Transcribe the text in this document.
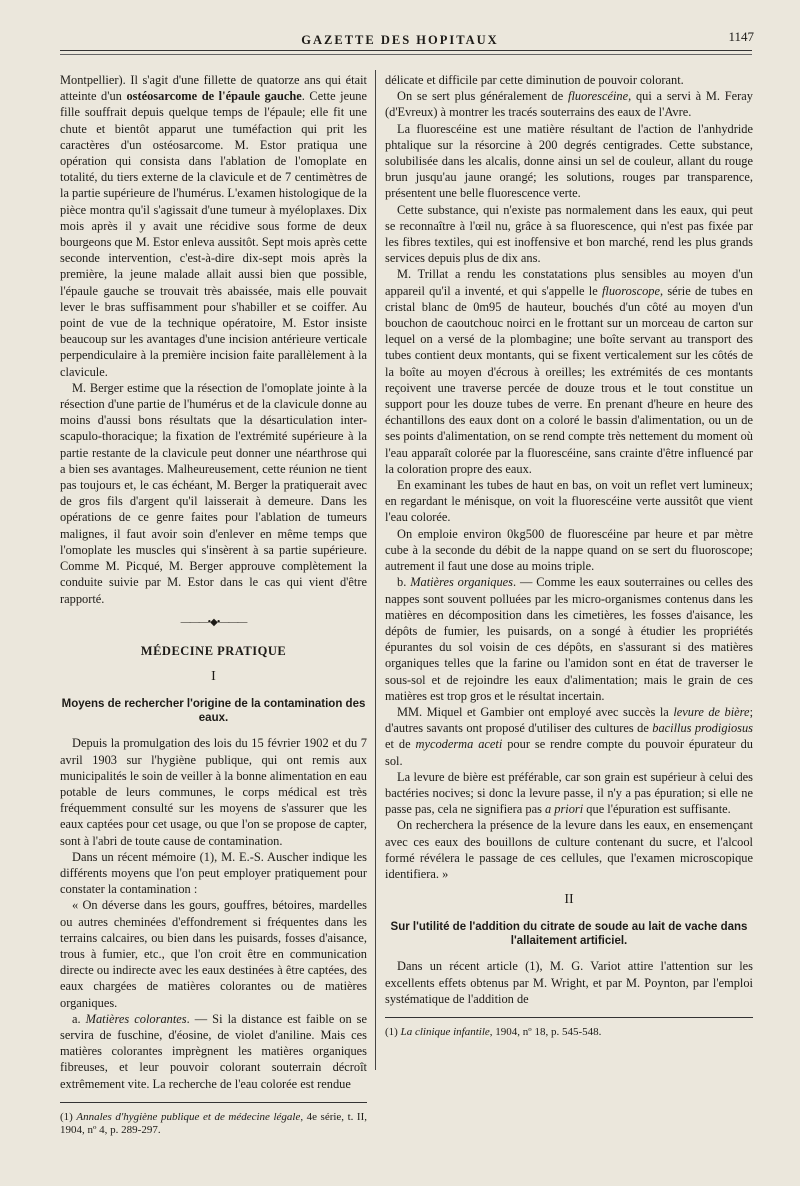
GAZETTE DES HOPITAUX	1147

Montpellier). Il s'agit d'une fillette de quatorze ans qui était atteinte d'un ostéosarcome de l'épaule gauche. Cette jeune fille souffrait depuis quelque temps de l'épaule; elle fit une chute et bientôt apparut une tuméfaction qui prit les caractères d'un ostéosarcome. M. Estor pratiqua une opération qui consista dans l'ablation de l'omoplate en totalité, du tiers externe de la clavicule et de 7 centimètres de la partie supérieure de l'humérus. L'examen histologique de la pièce montra qu'il s'agissait d'une tumeur à myéloplaxes. Dix mois après il y avait une récidive sous forme de deux bourgeons que M. Estor enleva aussitôt. Sept mois après cette seconde intervention, c'est-à-dire dix-sept mois après la première, la jeune malade allait aussi bien que possible, l'épaule gauche se trouvait très abaissée, mais elle pouvait lever le bras suffisamment pour s'habiller et se coiffer. Au point de vue de la technique opératoire, M. Estor insiste beaucoup sur les avantages d'une incision antérieure verticale perpendiculaire à la première incision faite parallèlement à la clavicule.

M. Berger estime que la résection de l'omoplate jointe à la résection d'une partie de l'humérus et de la clavicule donne au moins d'aussi bons résultats que la désarticulation inter-scapulo-thoracique; la fixation de l'extrémité supérieure à la partie restante de la clavicule peut donner une néarthrose qui a bien ses avantages. Malheureusement, cette réunion ne tient pas toujours et, le cas échéant, M. Berger la pratiquerait avec de gros fils d'argent qu'il laisserait à demeure. Dans les opérations de ce genre faites pour l'ablation de tumeurs malignes, il faut avoir soin d'enlever en même temps que l'omoplate les muscles qui s'insèrent à sa partie supérieure. Comme M. Picqué, M. Berger approuve complètement la conduite suivie par M. Estor dans le cas qui vient d'être rapporté.

———•◆•———
MÉDECINE PRATIQUE
I
Moyens de rechercher l'origine de la contamination des eaux.

Depuis la promulgation des lois du 15 février 1902 et du 7 avril 1903 sur l'hygiène publique, qui ont remis aux municipalités le soin de veiller à la bonne alimentation en eau potable de leurs communes, le corps médical est très fréquemment consulté sur les moyens de s'assurer que les eaux captées pour cet usage, ou que l'on se propose de capter, sont à l'abri de toute cause de contamination.

Dans un récent mémoire (1), M. E.-S. Auscher indique les différents moyens que l'on peut employer pratiquement pour constater la contamination :

« On déverse dans les gours, gouffres, bétoires, mardelles ou autres cheminées d'effondrement si fréquentes dans les terrains calcaires, ou bien dans les puisards, fosses d'aisance, trous à fumier, etc., que l'on croit être en communication directe ou indirecte avec les eaux destinées à être captées, des eaux chargées de matières colorantes ou de matières organiques.

a. Matières colorantes. — Si la distance est faible on se servira de fuschine, d'éosine, de violet d'aniline. Mais ces matières colorantes imprègnent les matières organiques fibreuses, et leur pouvoir colorant souterrain décroît extrêmement vite. La recherche de l'eau colorée est rendue

(1) Annales d'hygiène publique et de médecine légale, 4e série, t. II, 1904, nº 4, p. 289-297.

délicate et difficile par cette diminution de pouvoir colorant.

On se sert plus généralement de fluorescéine, qui a servi à M. Feray (d'Evreux) à montrer les tracés souterrains des eaux de l'Avre.

La fluorescéine est une matière résultant de l'action de l'anhydride phtalique sur la résorcine à 200 degrés centigrades. Cette substance, solubilisée dans les alcalis, donne ainsi un sel de couleur, allant du rouge brun jusqu'au jaune orangé; les solutions, rouges par transparence, présentent une belle fluorescence verte.

Cette substance, qui n'existe pas normalement dans les eaux, qui peut se reconnaître à l'œil nu, grâce à sa fluorescence, qui n'est pas fixée par les fibres textiles, qui est inoffensive et bon marché, rend les plus grands services depuis plus de dix ans.

M. Trillat a rendu les constatations plus sensibles au moyen d'un appareil qu'il a inventé, et qui s'appelle le fluoroscope, série de tubes en cristal blanc de 0m95 de hauteur, bouchés d'un côté au moyen d'un bouchon de caoutchouc noirci en le frottant sur un morceau de carton sur lequel on a versé de la plombagine; une boîte servant au transport des tubes contient deux montants, qui se fixent verticalement sur les côtés de la boîte au moyen d'écrous à oreilles; les extrémités de ces montants reçoivent une traverse percée de douze trous et le tout constitue un support pour les douze tubes de verre. En prenant d'heure en heure des échantillons des eaux dont on a coloré le bassin d'alimentation, ou un de ses points d'alimentation, on se rend compte très nettement du moment où l'eau apparaît colorée par la fluorescéine, sans crainte d'être influencé par la coloration propre des eaux.

En examinant les tubes de haut en bas, on voit un reflet vert lumineux; en regardant le ménisque, on voit la fluorescéine verte aussitôt que vient l'eau colorée.

On emploie environ 0kg500 de fluorescéine par heure et par mètre cube à la seconde du débit de la nappe quand on se sert du fluoroscope; autrement il faut une dose au moins triple.

b. Matières organiques. — Comme les eaux souterraines ou celles des nappes sont souvent polluées par les micro-organismes contenus dans les matières en décomposition dans les cimetières, les fosses d'aisance, les dépôts de fumier, les puisards, on a songé à étudier les propriétés épurantes du sol voisin de ces dépôts, en s'assurant si des matières organiques telles que la farine ou l'amidon sont en état de traverser le sous-sol et de rejoindre les eaux d'alimentation; mais le grain de ces matières est trop gros et le résultat incertain.

MM. Miquel et Gambier ont employé avec succès la levure de bière; d'autres savants ont proposé d'utiliser des cultures de bacillus prodigiosus et de mycoderma aceti pour se rendre compte du pouvoir épurateur du sol.

La levure de bière est préférable, car son grain est supérieur à celui des bactéries nocives; si donc la levure passe, il n'y a pas épuration; si elle ne passe pas, cela ne signifiera pas a priori que l'épuration est suffisante.

On recherchera la présence de la levure dans les eaux, en ensemençant avec ces eaux des bouillons de culture contenant du sucre, et l'alcool formé révélera le passage de ces cellules, que l'examen microscopique identifiera. »

II
Sur l'utilité de l'addition du citrate de soude au lait de vache dans l'allaitement artificiel.

Dans un récent article (1), M. G. Variot attire l'attention sur les excellents effets obtenus par M. Wright, et par M. Poynton, par l'emploi systématique de l'addition de

(1) La clinique infantile, 1904, nº 18, p. 545-548.
